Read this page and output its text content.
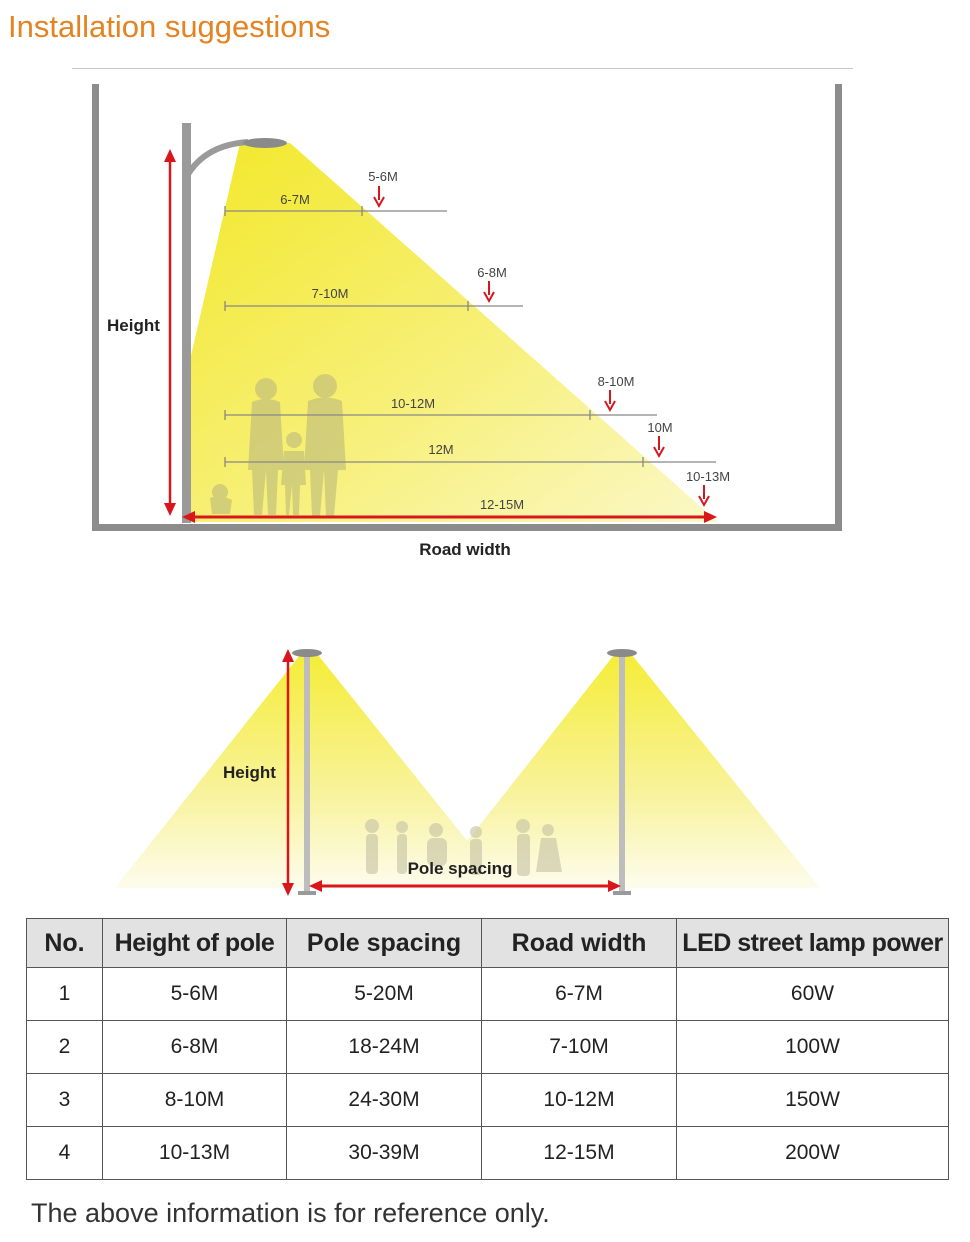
Installation suggestions
Height
Road width
6-7M
5-6M
7-10M
6-8M
10-12M
8-10M
12M
10M
12-15M
10-13M
Height
Pole spacing
No.	Height of pole	Pole spacing	Road width	LED street lamp power
1	5-6M	5-20M	6-7M	60W
2	6-8M	18-24M	7-10M	100W
3	8-10M	24-30M	10-12M	150W
4	10-13M	30-39M	12-15M	200W

The above information is for reference only.
